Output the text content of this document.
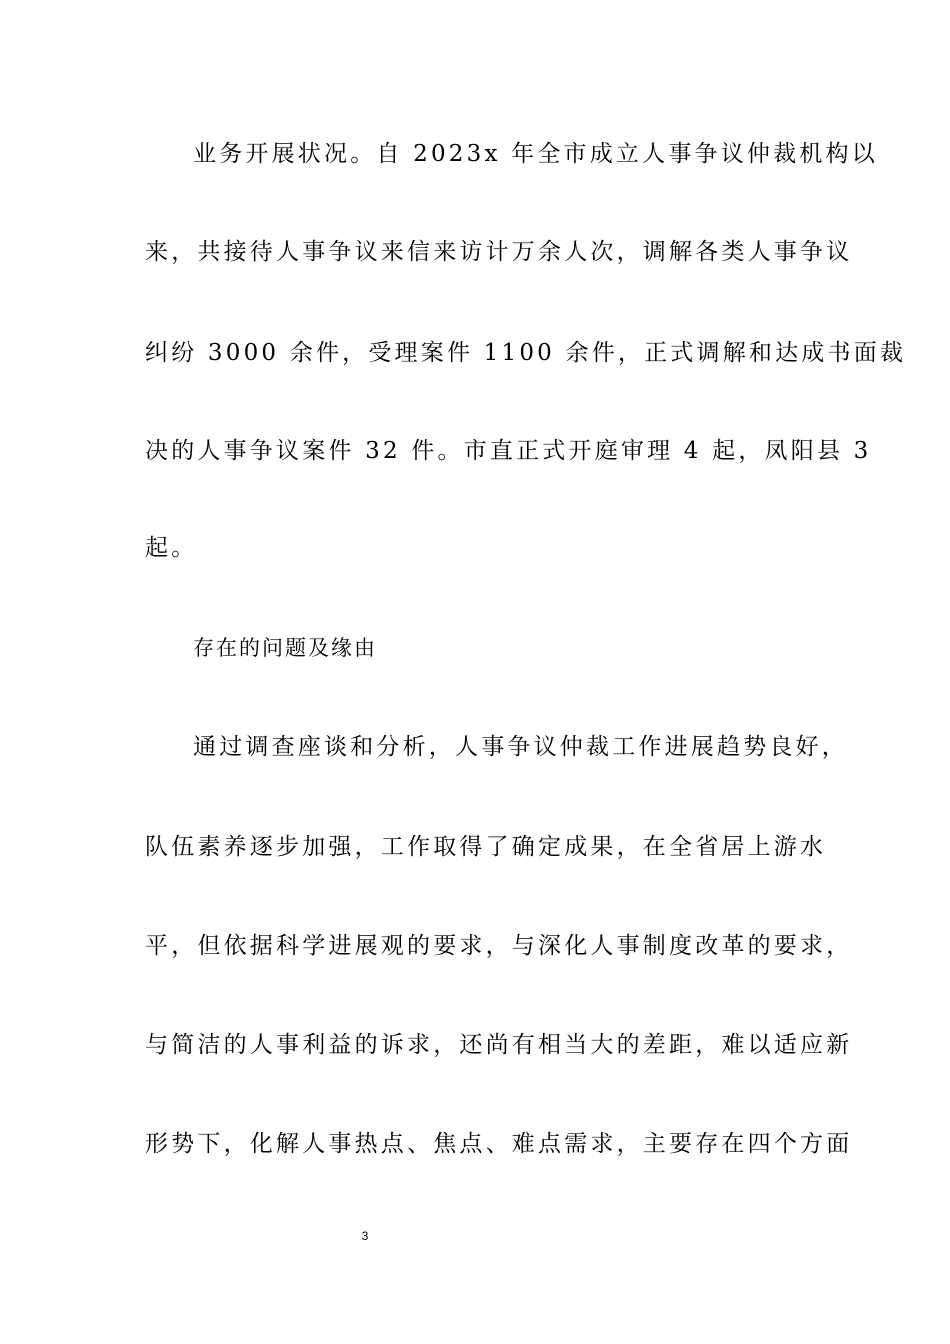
业务开展状况。自 2023x 年全市成立人事争议仲裁机构以
来，共接待人事争议来信来访计万余人次，调解各类人事争议
纠纷 3000 余件，受理案件 1100 余件，正式调解和达成书面裁
决的人事争议案件 32 件。市直正式开庭审理 4 起，凤阳县 3
起。
存在的问题及缘由
通过调查座谈和分析，人事争议仲裁工作进展趋势良好，
队伍素养逐步加强，工作取得了确定成果，在全省居上游水
平，但依据科学进展观的要求，与深化人事制度改革的要求，
与简洁的人事利益的诉求，还尚有相当大的差距，难以适应新
形势下，化解人事热点、焦点、难点需求，主要存在四个方面
3
